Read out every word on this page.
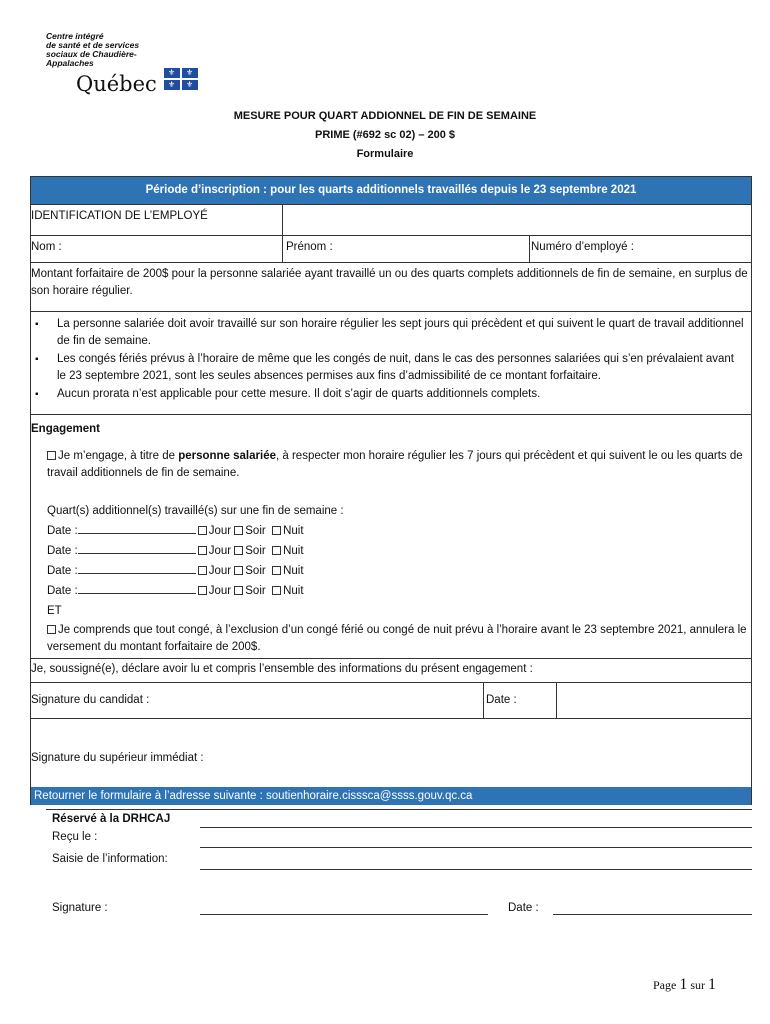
Centre intégré
de santé et de services
sociaux de Chaudière-
Appalaches
Québec ⚜ ⚜
⚜ ⚜
MESURE POUR QUART ADDIONNEL DE FIN DE SEMAINE
PRIME (#692 sc 02) – 200 $
Formulaire
Période d’inscription : pour les quarts additionnels travaillés depuis le 23 septembre 2021
IDENTIFICATION DE L’EMPLOYÉ
Nom :	Prénom :	Numéro d’employé :
Montant forfaitaire de 200$ pour la personne salariée ayant travaillé un ou des quarts complets additionnels de fin de semaine, en surplus de son horaire régulier.
▪ La personne salariée doit avoir travaillé sur son horaire régulier les sept jours qui précèdent et qui suivent le quart de travail additionnel de fin de semaine.
▪ Les congés fériés prévus à l’horaire de même que les congés de nuit, dans le cas des personnes salariées qui s’en prévalaient avant le 23 septembre 2021, sont les seules absences permises aux fins d’admissibilité de ce montant forfaitaire.
▪ Aucun prorata n’est applicable pour cette mesure. Il doit s’agir de quarts additionnels complets.
Engagement
Je m’engage, à titre de personne salariée, à respecter mon horaire régulier les 7 jours qui précèdent et qui suivent le ou les quarts de travail additionnels de fin de semaine.
Quart(s) additionnel(s) travaillé(s) sur une fin de semaine :
Date :	Jour Soir Nuit
Date :	Jour Soir Nuit
Date :	Jour Soir Nuit
Date :	Jour Soir Nuit
ET
Je comprends que tout congé, à l’exclusion d’un congé férié ou congé de nuit prévu à l’horaire avant le 23 septembre 2021, annulera le versement du montant forfaitaire de 200$.
Je, soussigné(e), déclare avoir lu et compris l’ensemble des informations du présent engagement :
Signature du candidat :	Date :
Signature du supérieur immédiat :
Retourner le formulaire à l’adresse suivante : soutienhoraire.cisssca@ssss.gouv.qc.ca
Réservé à la DRHCAJ
Reçu le :
Saisie de l’information:
Signature :	Date :
Page 1 sur 1
